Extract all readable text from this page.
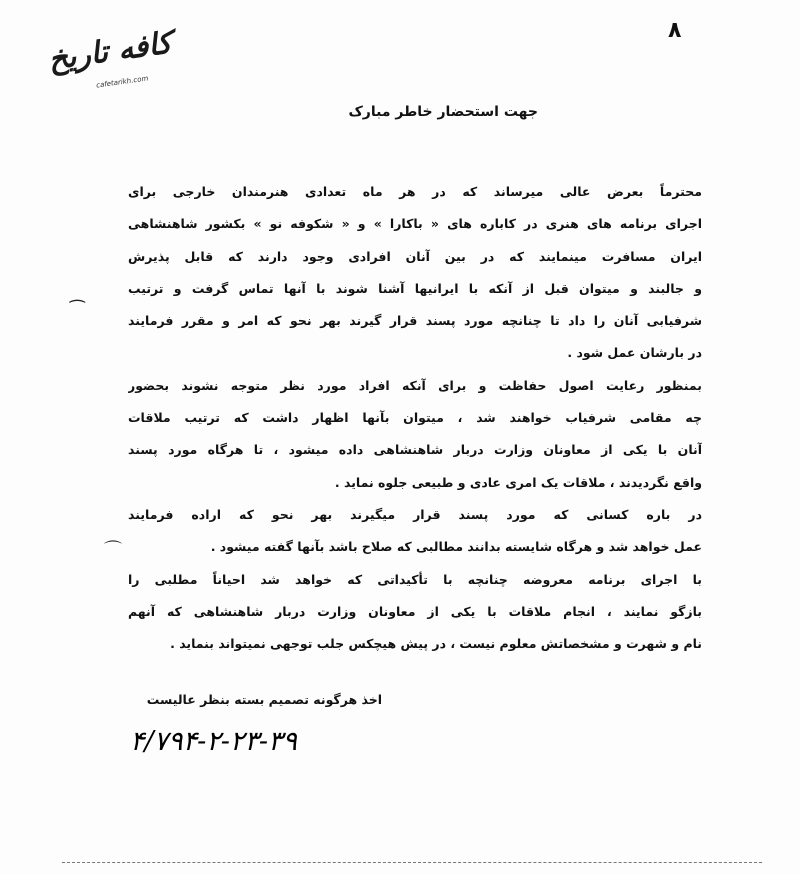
۸
کافه تاریخ
cafetarikh.com
جهت استحضار خاطر مبارک
محترماً بعرض عالی میرساند که در هر ماه تعدادی هنرمندان خارجی برای
اجرای برنامه های هنری در کاباره های « باکارا » و « شکوفه نو » بکشور شاهنشاهی
ایران مسافرت مینمایند که در بین آنان افرادی وجود دارند که قابل پذیرش
و جالبند و میتوان قبل از آنکه با ایرانیها آشنا شوند با آنها تماس گرفت و ترتیب
شرفیابی آنان را داد تا چنانچه مورد پسند قرار گیرند بهر نحو که امر و مقرر فرمایند
در بارشان عمل شود .
بمنظور رعایت اصول حفاظت و برای آنکه افراد مورد نظر متوجه نشوند بحضور
چه مقامی شرفیاب خواهند شد ، میتوان بآنها اظهار داشت که ترتیب ملاقات
آنان با یکی از معاونان وزارت دربار شاهنشاهی داده میشود ، تا هرگاه مورد پسند
واقع نگردیدند ، ملاقات یک امری عادی و طبیعی جلوه نماید .
در باره کسانی که مورد پسند قرار میگیرند بهر نحو که اراده فرمایند
عمل خواهد شد و هرگاه شایسته بدانند مطالبی که صلاح باشد بآنها گفته میشود .
با اجرای برنامه معروضه چنانچه با تأکیداتی که خواهد شد احیاناً مطلبی را
بازگو نمایند ، انجام ملاقات با یکی از معاونان وزارت دربار شاهنشاهی که آنهم
نام و شهرت و مشخصاتش معلوم نیست ، در پیش هیچکس جلب توجهی نمیتواند بنماید .
اخذ هرگونه تصمیم بسته بنظر عالیست
۴/۷۹۴-۲-۲۳-۳۹
⁀
⌒
